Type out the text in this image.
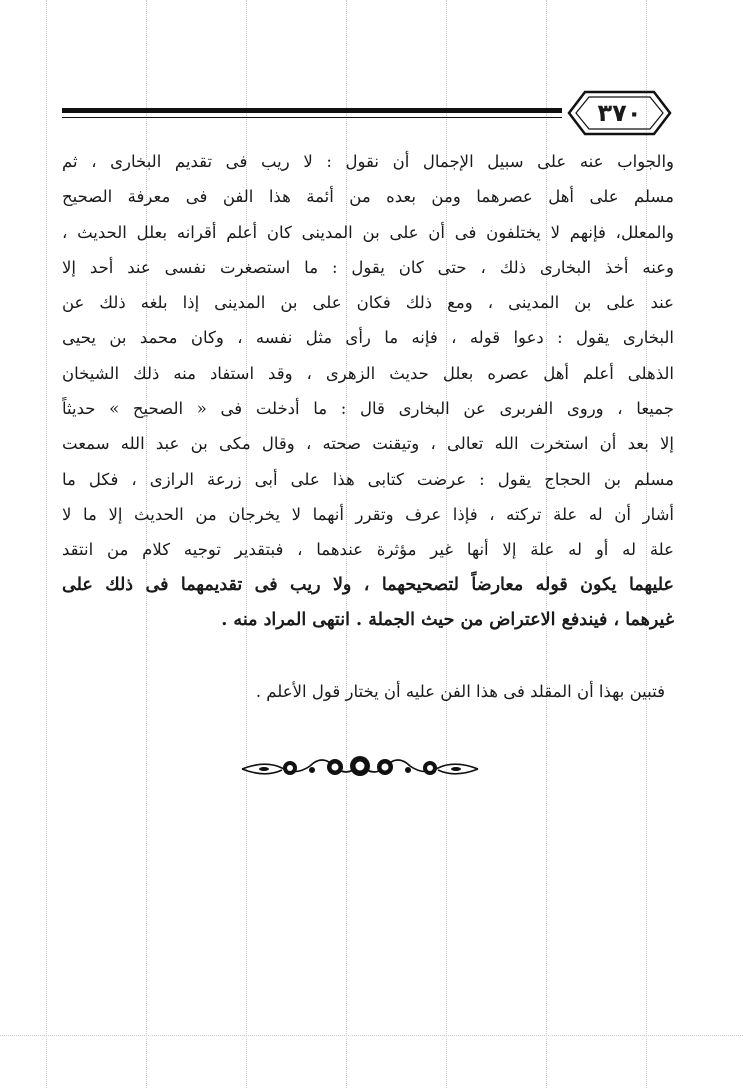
٣٧٠
والجواب عنه على سبيل الإجمال أن نقول : لا ريب فى تقديم البخارى ، ثم
مسلم على أهل عصرهما ومن بعده من أئمة هذا الفن فى معرفة الصحيح
والمعلل، فإنهم لا يختلفون فى أن على بن المدينى كان أعلم أقرانه بعلل الحديث ،
وعنه أخذ البخارى ذلك ، حتى كان يقول : ما استصغرت نفسى عند أحد إلا
عند على بن المدينى ، ومع ذلك فكان على بن المدينى إذا بلغه ذلك عن
البخارى يقول : دعوا قوله ، فإنه ما رأى مثل نفسه ، وكان محمد بن يحيى
الذهلى أعلم أهل عصره بعلل حديث الزهرى ، وقد استفاد منه ذلك الشيخان
جميعا ، وروى الفربرى عن البخارى قال : ما أدخلت فى « الصحيح » حديثاً
إلا بعد أن استخرت الله تعالى ، وتيقنت صحته ، وقال مكى بن عبد الله سمعت
مسلم بن الحجاج يقول : عرضت كتابى هذا على أبى زرعة الرازى ، فكل ما
أشار أن له علة تركته ، فإذا عرف وتقرر أنهما لا يخرجان من الحديث إلا ما لا
علة له أو له علة إلا أنها غير مؤثرة عندهما ، فبتقدير توجيه كلام من انتقد
عليهما يكون قوله معارضاً لتصحيحهما ، ولا ريب فى تقديمهما فى ذلك على
غيرهما ، فيندفع الاعتراض من حيث الجملة . انتهى المراد منه .
فتبين بهذا أن المقلد فى هذا الفن عليه أن يختار قول الأعلم .
